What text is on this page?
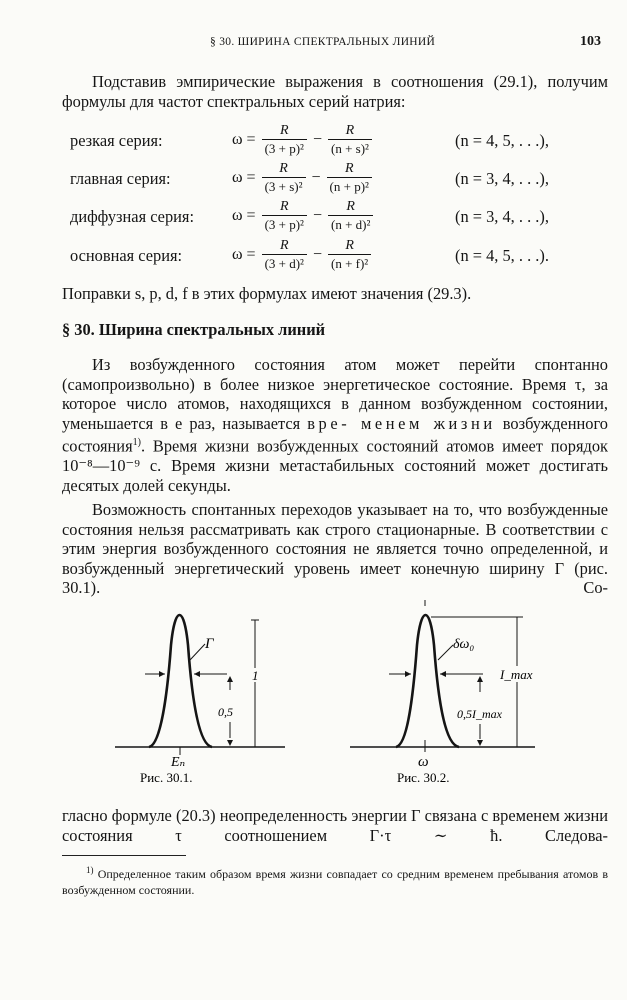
§ 30. ШИРИНА СПЕКТРАЛЬНЫХ ЛИНИЙ	103

Подставив эмпирические выражения в соотношения (29.1), получим формулы для частот спектральных серий натрия:

резкая серия:	$\omega = \frac{R}{\text{(3 + p)²}} - \frac{R}{\text{(n + s)²}}$	(n = 4, 5, . . .),
главная серия:	$\omega = \frac{R}{\text{(3 + s)²}} - \frac{R}{\text{(n + p)²}}$	(n = 3, 4, . . .),
диффузная серия: $\omega = \frac{R}{\text{(3 + p)²}} - \frac{R}{\text{(n + d)²}}$	(n = 3, 4, . . .),
основная серия:	$\omega = \frac{R}{\text{(3 + d)²}} - \frac{R}{\text{(n + f)²}}$	(n = 4, 5, . . .).

Поправки s, p, d, f в этих формулах имеют значения (29.3).

§ 30. Ширина спектральных линий

Из возбужденного состояния атом может перейти спонтанно (самопроизвольно) в более низкое энергетическое состояние. Время τ, за которое число атомов, находящихся в данном возбужденном состоянии, уменьшается в e раз, называется вре- менем жизни возбужденного состояния$^{1)}$. Время жизни возбужденных состояний атомов имеет порядок 10⁻⁸—10⁻⁹ с. Время жизни метастабильных состояний может достигать десятых долей секунды.

Возможность спонтанных переходов указывает на то, что возбужденные состояния нельзя рассматривать как строго стационарные. В соответствии с этим энергия возбужденного состояния не является точно определенной, и возбужденный энергетический уровень имеет конечную ширину Γ (рис. 30.1). Со-

1
Γ
0,5
Eₙ
Рис. 30.1.
I_max
δω₀
0,5I_max
ω
Рис. 30.2.

гласно формуле (20.3) неопределенность энергии Γ связана с временем жизни состояния τ соотношением Γ·τ ∼ ħ. Следова-

$^{1)}$ Определенное таким образом время жизни совпадает со средним временем пребывания атомов в возбужденном состоянии.
